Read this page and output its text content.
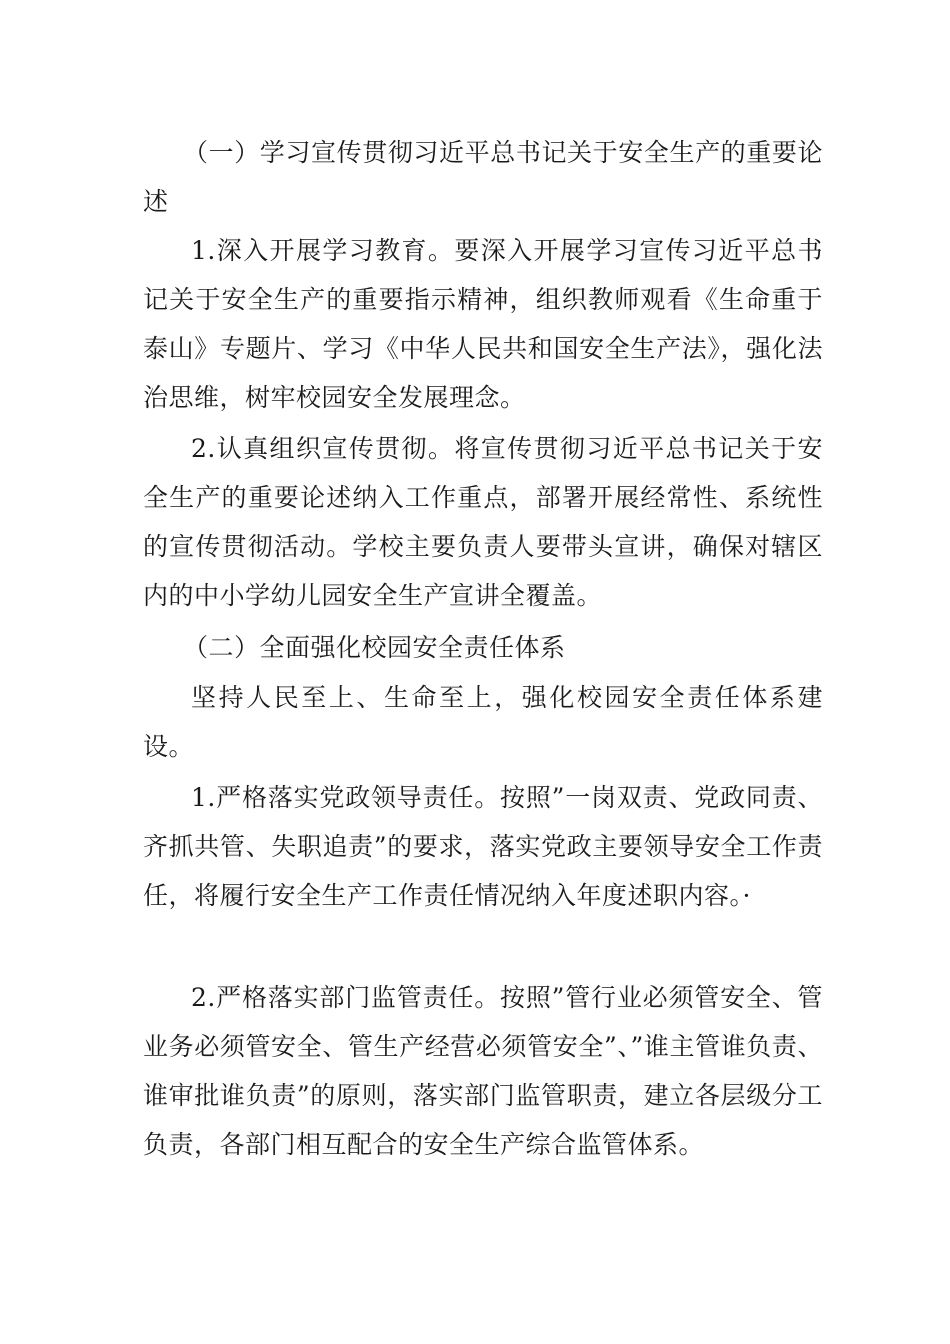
（一）学习宣传贯彻习近平总书记关于安全生产的重要论述

1.深入开展学习教育。要深入开展学习宣传习近平总书记关于安全生产的重要指示精神，组织教师观看《生命重于泰山》专题片、学习《中华人民共和国安全生产法》，强化法治思维，树牢校园安全发展理念。

2.认真组织宣传贯彻。将宣传贯彻习近平总书记关于安全生产的重要论述纳入工作重点，部署开展经常性、系统性的宣传贯彻活动。学校主要负责人要带头宣讲，确保对辖区内的中小学幼儿园安全生产宣讲全覆盖。

（二）全面强化校园安全责任体系

坚持人民至上、生命至上，强化校园安全责任体系建设。

1.严格落实党政领导责任。按照”一岗双责、党政同责、齐抓共管、失职追责”的要求，落实党政主要领导安全工作责任，将履行安全生产工作责任情况纳入年度述职内容。·

2.严格落实部门监管责任。按照”管行业必须管安全、管业务必须管安全、管生产经营必须管安全”、”谁主管谁负责、谁审批谁负责”的原则，落实部门监管职责，建立各层级分工负责，各部门相互配合的安全生产综合监管体系。
